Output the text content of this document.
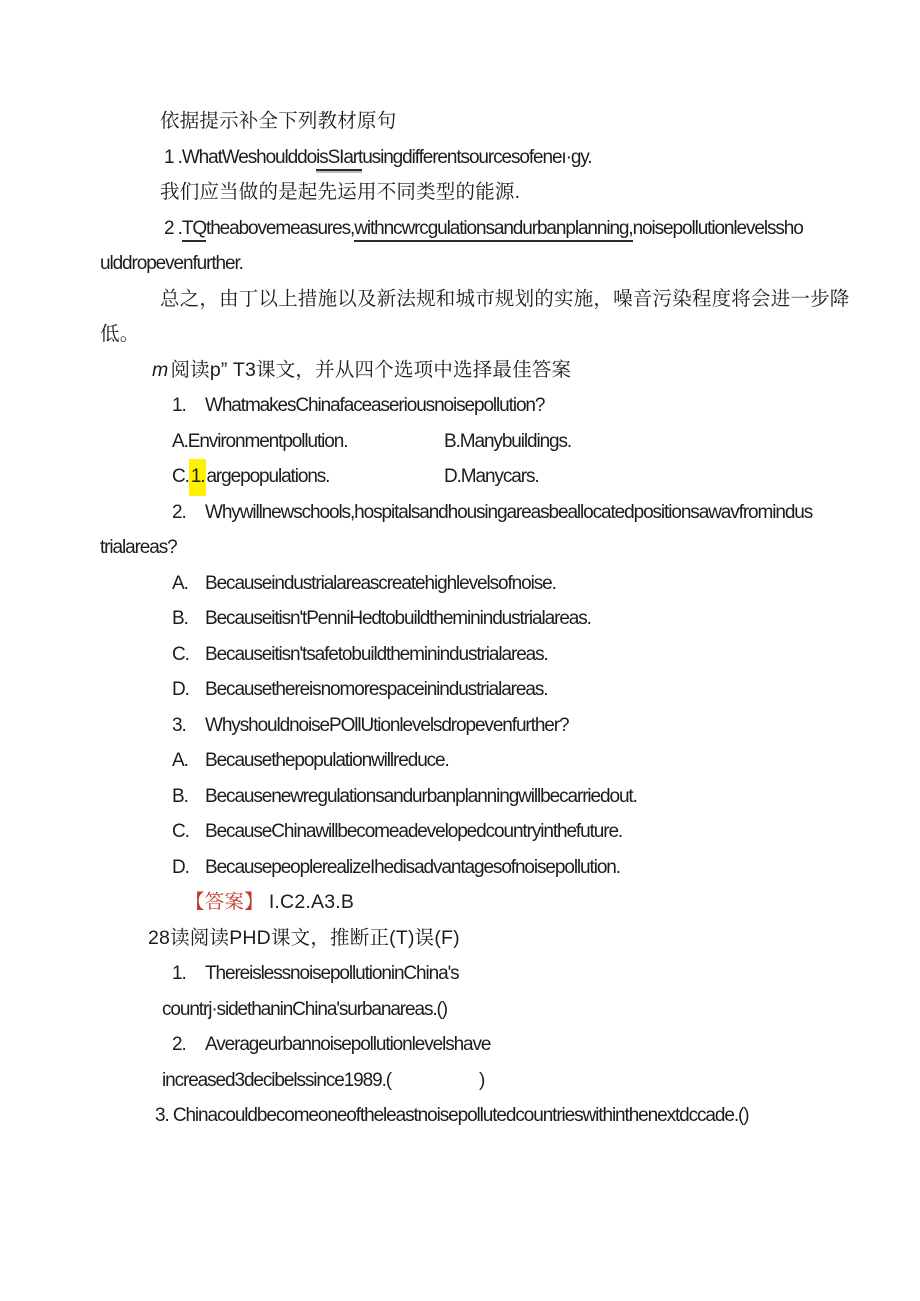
依据提示补全下列教材原句
1 .WhatWeshoulddoisSIartusingdifferentsourcesofeneı·gy.
我们应当做的是起先运用不同类型的能源.
2 .TQtheabovemeasures,withncwrcgulationsandurbanplanning,noisepollutionlevelssho
ulddropevenfurther.
总之，由丁以上措施以及新法规和城市规划的实施，噪音污染程度将会进一步降
低。
m 阅读p” T3课文，并从四个选项中选择最佳答案
1. WhatmakesChinafaceaseriousnoisepollution?
A.Environmentpollution.	B.Manybuildings.
C. 1. argepopulations.	D.Manycars.
2. Whywillnewschools,hospitalsandhousingareasbeallocatedpositionsawavfromindus
trialareas?
A. Becauseindustrialareascreatehighlevelsofnoise.
B. Becauseitisn'tPenniHedtobuildtheminindustrialareas.
C. Becauseitisn'tsafetobuildtheminindustrialareas.
D. Becausethereisnomorespaceinindustrialareas.
3. WhyshouldnoisePOllUtionlevelsdropevenfurther?
A. Becausethepopulationwillreduce.
B. Becausenewregulationsandurbanplanningwillbecarriedout.
C. BecauseChinawillbecomeadevelopedcountryinthefuture.
D. BecausepeoplerealizeIhedisadvantagesofnoisepollution.
【答案】 I.C2.A3.B
28读阅读PHD课文，推断正(T)误(F)
1. ThereislessnoisepollutioninChina's
countrj·sidethaninChina'surbanareas.()
2. Averageurbannoisepollutionlevelshave
increased3decibelssince1989.(	)
3. Chinacouldbecomeoneoftheleastnoisepollutedcountrieswithinthenextdccade.()
